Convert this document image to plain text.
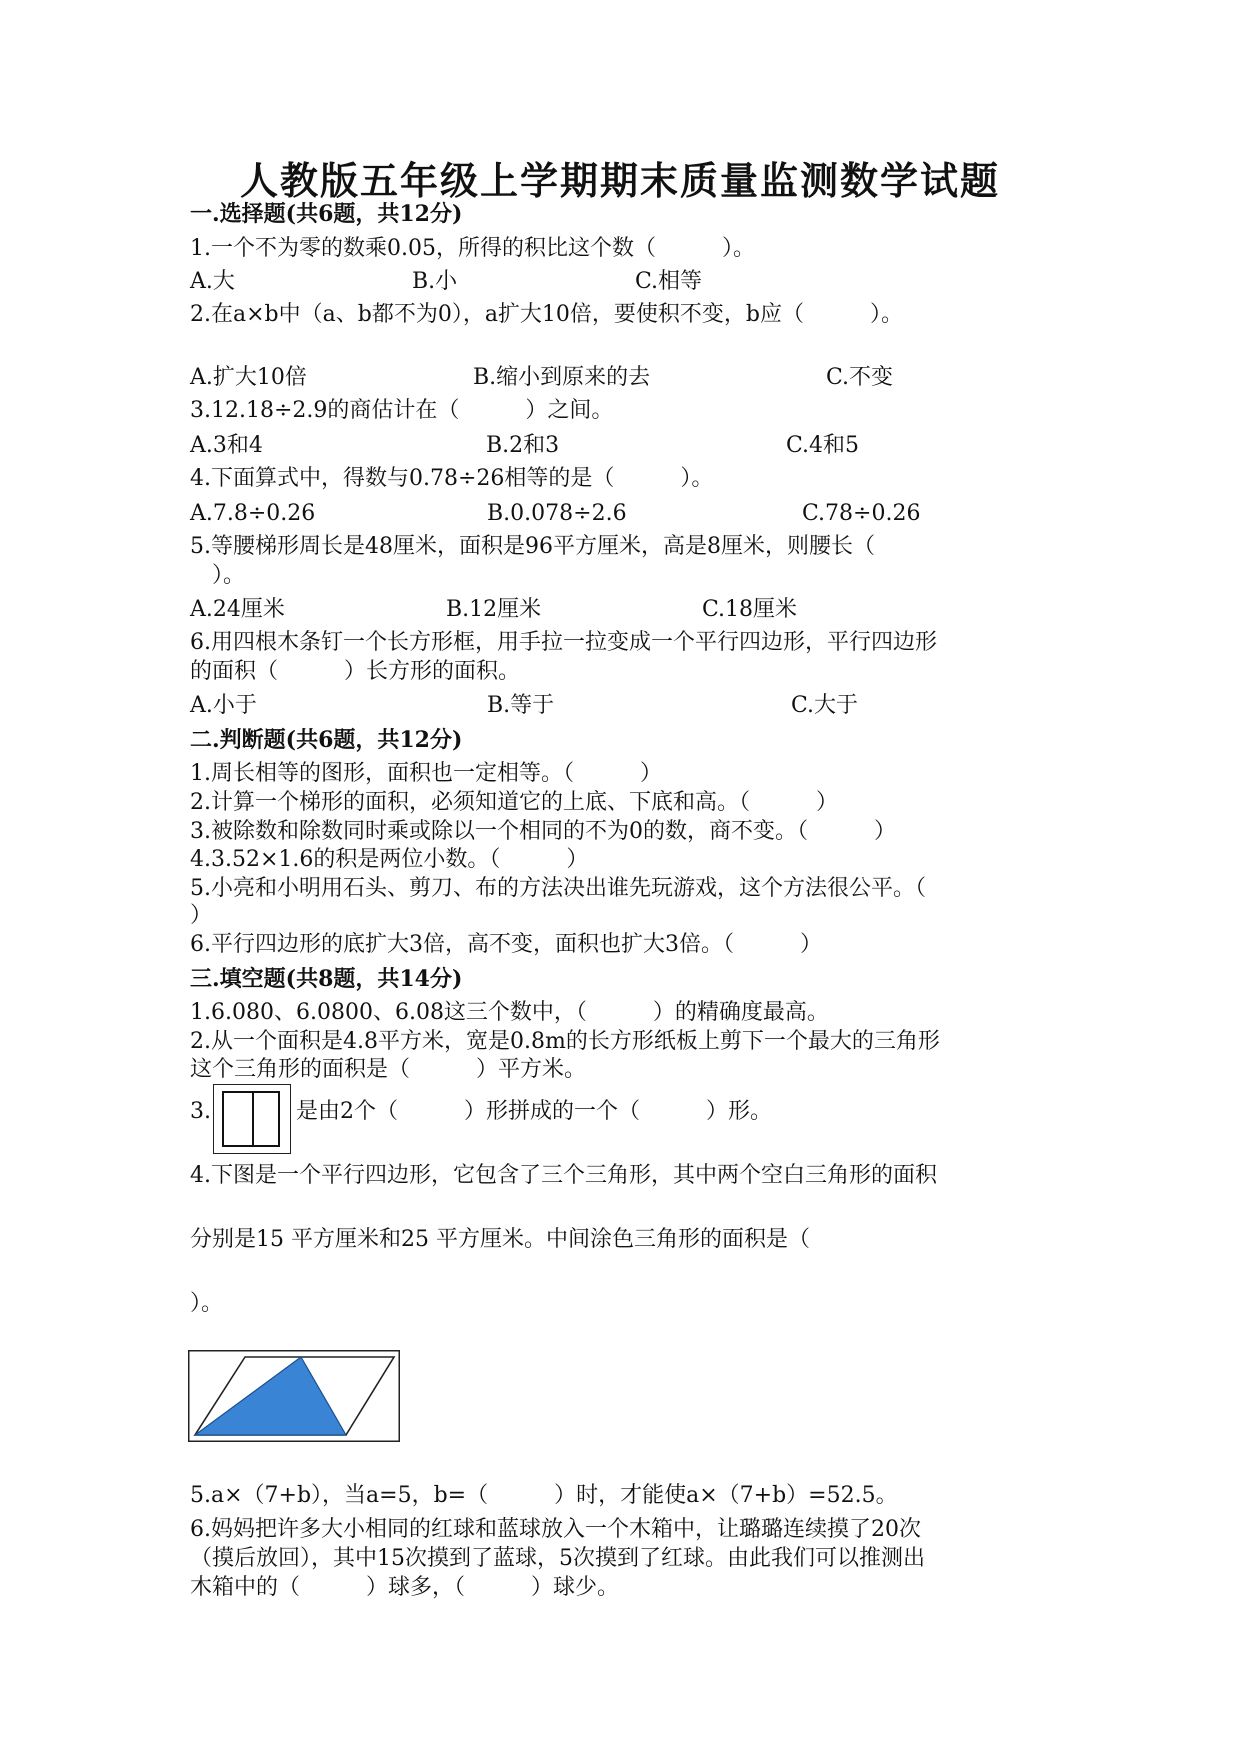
人教版五年级上学期期末质量监测数学试题
一.选择题(共6题，共12分)
1.一个不为零的数乘0.05，所得的积比这个数（　　　）。
A.大	B.小	C.相等
2.在a×b中（a、b都不为0），a扩大10倍，要使积不变，b应（　　　）。
A.扩大10倍	B.缩小到原来的去	C.不变
3.12.18÷2.9的商估计在（　　　）之间。
A.3和4	B.2和3	C.4和5
4.下面算式中，得数与0.78÷26相等的是（　　　）。
A.7.8÷0.26	B.0.078÷2.6	C.78÷0.26
5.等腰梯形周长是48厘米，面积是96平方厘米，高是8厘米，则腰长（
　）。
A.24厘米	B.12厘米	C.18厘米
6.用四根木条钉一个长方形框，用手拉一拉变成一个平行四边形，平行四边形
的面积（　　　）长方形的面积。
A.小于	B.等于	C.大于
二.判断题(共6题，共12分)
1.周长相等的图形，面积也一定相等。（　　　）
2.计算一个梯形的面积，必须知道它的上底、下底和高。（　　　）
3.被除数和除数同时乘或除以一个相同的不为0的数，商不变。（　　　）
4.3.52×1.6的积是两位小数。（　　　）
5.小亮和小明用石头、剪刀、布的方法决出谁先玩游戏，这个方法很公平。（
）
6.平行四边形的底扩大3倍，高不变，面积也扩大3倍。（　　　）
三.填空题(共8题，共14分)
1.6.080、6.0800、6.08这三个数中，（　　　）的精确度最高。
2.从一个面积是4.8平方米，宽是0.8m的长方形纸板上剪下一个最大的三角形
这个三角形的面积是（　　　）平方米。
3.	是由2个（　　　）形拼成的一个（　　　）形。
4.下图是一个平行四边形，它包含了三个三角形，其中两个空白三角形的面积
分别是15 平方厘米和25 平方厘米。中间涂色三角形的面积是（
）。
5.a×（7+b），当a=5，b=（　　　）时，才能使a×（7+b）=52.5。
6.妈妈把许多大小相同的红球和蓝球放入一个木箱中，让璐璐连续摸了20次
（摸后放回），其中15次摸到了蓝球，5次摸到了红球。由此我们可以推测出
木箱中的（　　　）球多，（　　　）球少。
